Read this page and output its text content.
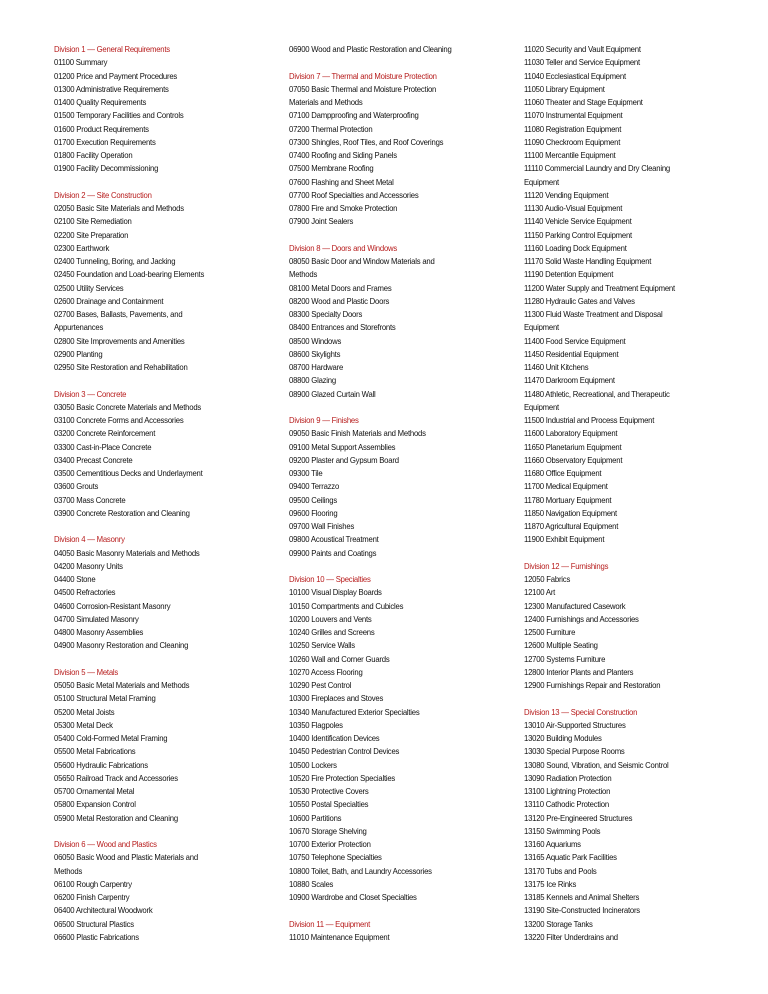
Division 1 — General Requirements
01100 Summary
01200 Price and Payment Procedures
01300 Administrative Requirements
01400 Quality Requirements
01500 Temporary Facilities and Controls
01600 Product Requirements
01700 Execution Requirements
01800 Facility Operation
01900 Facility Decommissioning
Division 2 — Site Construction
02050 Basic Site Materials and Methods
02100 Site Remediation
02200 Site Preparation
02300 Earthwork
02400 Tunneling, Boring, and Jacking
02450 Foundation and Load-bearing Elements
02500 Utility Services
02600 Drainage and Containment
02700 Bases, Ballasts, Pavements, and
Appurtenances
02800 Site Improvements and Amenities
02900 Planting
02950 Site Restoration and Rehabilitation
Division 3 — Concrete
03050 Basic Concrete Materials and Methods
03100 Concrete Forms and Accessories
03200 Concrete Reinforcement
03300 Cast-in-Place Concrete
03400 Precast Concrete
03500 Cementitious Decks and Underlayment
03600 Grouts
03700 Mass Concrete
03900 Concrete Restoration and Cleaning
Division 4 — Masonry
04050 Basic Masonry Materials and Methods
04200 Masonry Units
04400 Stone
04500 Refractories
04600 Corrosion-Resistant Masonry
04700 Simulated Masonry
04800 Masonry Assemblies
04900 Masonry Restoration and Cleaning
Division 5 — Metals
05050 Basic Metal Materials and Methods
05100 Structural Metal Framing
05200 Metal Joists
05300 Metal Deck
05400 Cold-Formed Metal Framing
05500 Metal Fabrications
05600 Hydraulic Fabrications
05650 Railroad Track and Accessories
05700 Ornamental Metal
05800 Expansion Control
05900 Metal Restoration and Cleaning
Division 6 — Wood and Plastics
06050 Basic Wood and Plastic Materials and
Methods
06100 Rough Carpentry
06200 Finish Carpentry
06400 Architectural Woodwork
06500 Structural Plastics
06600 Plastic Fabrications
06900 Wood and Plastic Restoration and Cleaning
Division 7 — Thermal and Moisture Protection
07050 Basic Thermal and Moisture Protection
Materials and Methods
07100 Dampproofing and Waterproofing
07200 Thermal Protection
07300 Shingles, Roof Tiles, and Roof Coverings
07400 Roofing and Siding Panels
07500 Membrane Roofing
07600 Flashing and Sheet Metal
07700 Roof Specialties and Accessories
07800 Fire and Smoke Protection
07900 Joint Sealers
Division 8 — Doors and Windows
08050 Basic Door and Window Materials and
Methods
08100 Metal Doors and Frames
08200 Wood and Plastic Doors
08300 Specialty Doors
08400 Entrances and Storefronts
08500 Windows
08600 Skylights
08700 Hardware
08800 Glazing
08900 Glazed Curtain Wall
Division 9 — Finishes
09050 Basic Finish Materials and Methods
09100 Metal Support Assemblies
09200 Plaster and Gypsum Board
09300 Tile
09400 Terrazzo
09500 Ceilings
09600 Flooring
09700 Wall Finishes
09800 Acoustical Treatment
09900 Paints and Coatings
Division 10 — Specialties
10100 Visual Display Boards
10150 Compartments and Cubicles
10200 Louvers and Vents
10240 Grilles and Screens
10250 Service Walls
10260 Wall and Corner Guards
10270 Access Flooring
10290 Pest Control
10300 Fireplaces and Stoves
10340 Manufactured Exterior Specialties
10350 Flagpoles
10400 Identification Devices
10450 Pedestrian Control Devices
10500 Lockers
10520 Fire Protection Specialties
10530 Protective Covers
10550 Postal Specialties
10600 Partitions
10670 Storage Shelving
10700 Exterior Protection
10750 Telephone Specialties
10800 Toilet, Bath, and Laundry Accessories
10880 Scales
10900 Wardrobe and Closet Specialties
Division 11 — Equipment
11010 Maintenance Equipment
11020 Security and Vault Equipment
11030 Teller and Service Equipment
11040 Ecclesiastical Equipment
11050 Library Equipment
11060 Theater and Stage Equipment
11070 Instrumental Equipment
11080 Registration Equipment
11090 Checkroom Equipment
11100 Mercantile Equipment
11110 Commercial Laundry and Dry Cleaning
Equipment
11120 Vending Equipment
11130 Audio-Visual Equipment
11140 Vehicle Service Equipment
11150 Parking Control Equipment
11160 Loading Dock Equipment
11170 Solid Waste Handling Equipment
11190 Detention Equipment
11200 Water Supply and Treatment Equipment
11280 Hydraulic Gates and Valves
11300 Fluid Waste Treatment and Disposal
Equipment
11400 Food Service Equipment
11450 Residential Equipment
11460 Unit Kitchens
11470 Darkroom Equipment
11480 Athletic, Recreational, and Therapeutic
Equipment
11500 Industrial and Process Equipment
11600 Laboratory Equipment
11650 Planetarium Equipment
11660 Observatory Equipment
11680 Office Equipment
11700 Medical Equipment
11780 Mortuary Equipment
11850 Navigation Equipment
11870 Agricultural Equipment
11900 Exhibit Equipment
Division 12 — Furnishings
12050 Fabrics
12100 Art
12300 Manufactured Casework
12400 Furnishings and Accessories
12500 Furniture
12600 Multiple Seating
12700 Systems Furniture
12800 Interior Plants and Planters
12900 Furnishings Repair and Restoration
Division 13 — Special Construction
13010 Air-Supported Structures
13020 Building Modules
13030 Special Purpose Rooms
13080 Sound, Vibration, and Seismic Control
13090 Radiation Protection
13100 Lightning Protection
13110 Cathodic Protection
13120 Pre-Engineered Structures
13150 Swimming Pools
13160 Aquariums
13165 Aquatic Park Facilities
13170 Tubs and Pools
13175 Ice Rinks
13185 Kennels and Animal Shelters
13190 Site-Constructed Incinerators
13200 Storage Tanks
13220 Filter Underdrains and
